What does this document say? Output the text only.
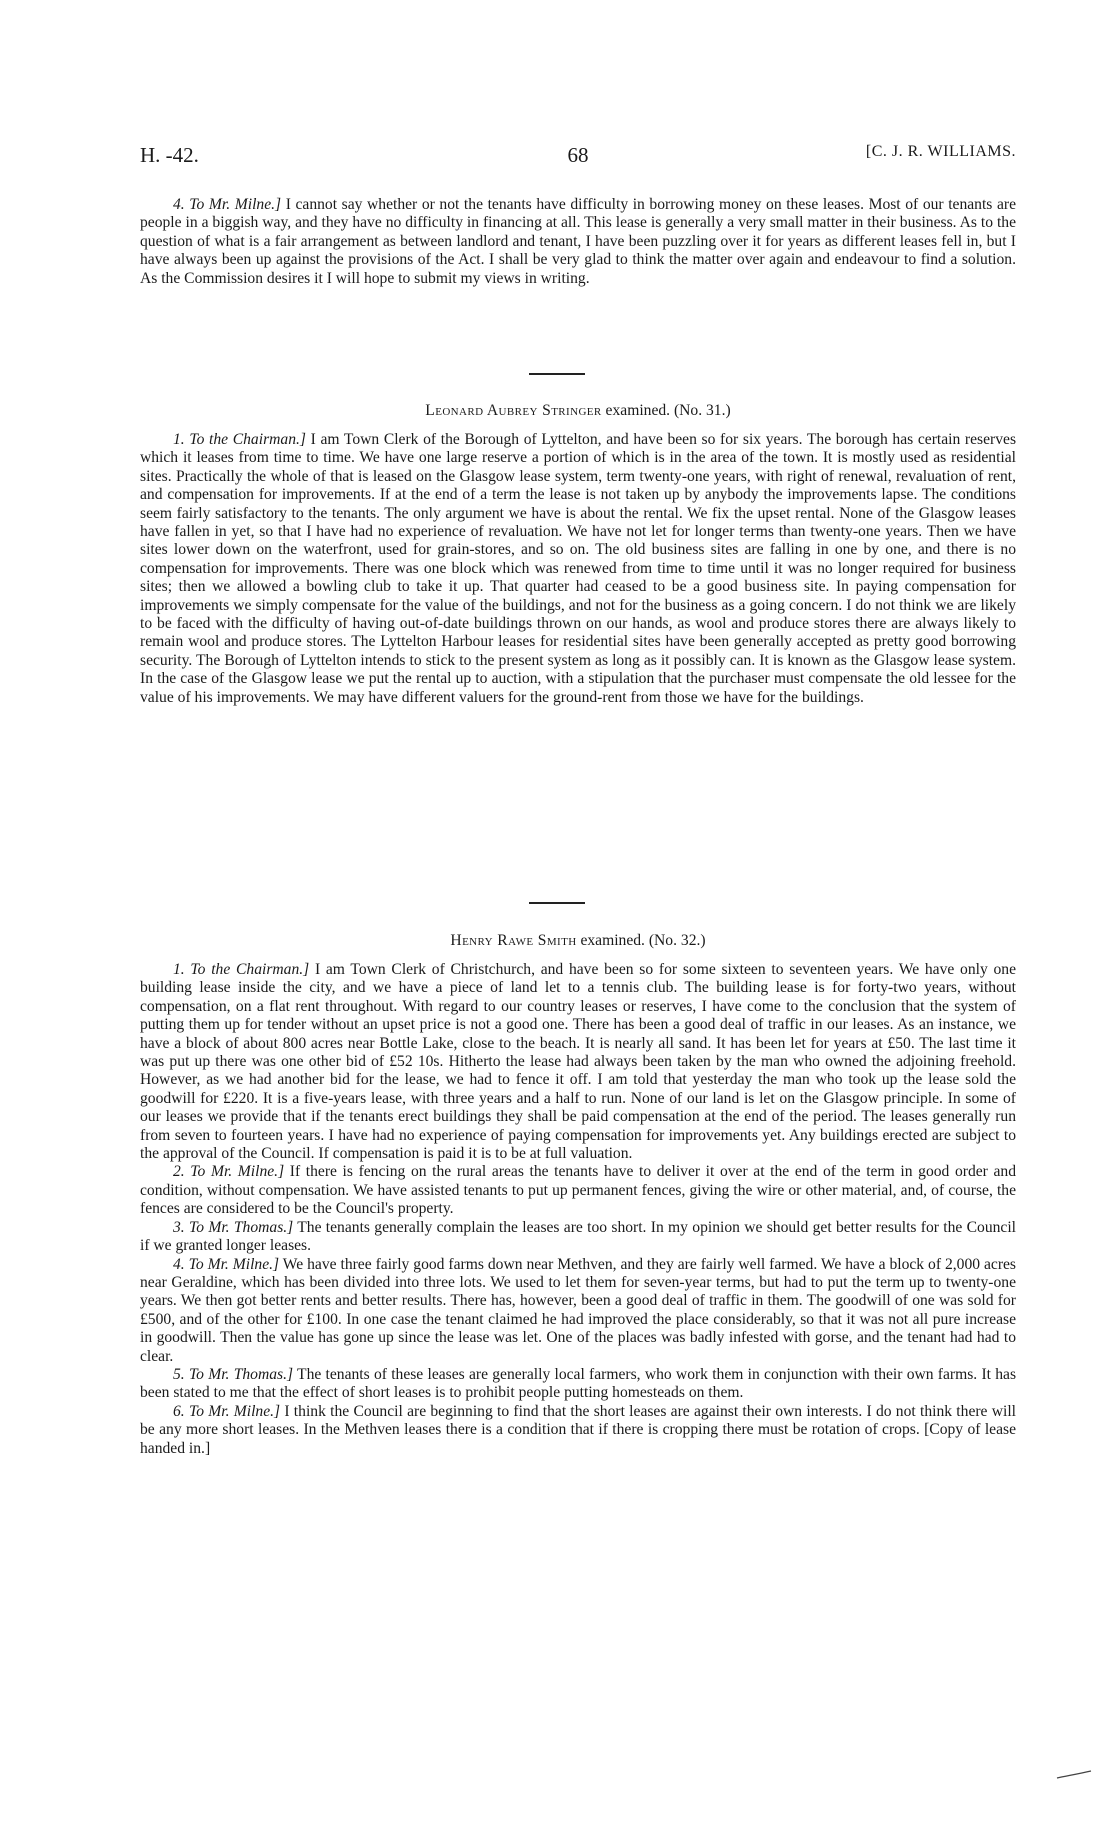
H. -42.	68	[C. J. R. WILLIAMS.

4. To Mr. Milne.] I cannot say whether or not the tenants have difficulty in borrowing money on these leases. Most of our tenants are people in a biggish way, and they have no difficulty in financing at all. This lease is generally a very small matter in their business. As to the question of what is a fair arrangement as between landlord and tenant, I have been puzzling over it for years as different leases fell in, but I have always been up against the provisions of the Act. I shall be very glad to think the matter over again and endeavour to find a solution. As the Commission desires it I will hope to submit my views in writing.

Leonard Aubrey Stringer examined. (No. 31.)

1. To the Chairman.] I am Town Clerk of the Borough of Lyttelton, and have been so for six years. The borough has certain reserves which it leases from time to time. We have one large reserve a portion of which is in the area of the town. It is mostly used as residential sites. Practically the whole of that is leased on the Glasgow lease system, term twenty-one years, with right of renewal, revaluation of rent, and compensation for improvements. If at the end of a term the lease is not taken up by anybody the improvements lapse. The conditions seem fairly satisfactory to the tenants. The only argument we have is about the rental. We fix the upset rental. None of the Glasgow leases have fallen in yet, so that I have had no experience of revaluation. We have not let for longer terms than twenty-one years. Then we have sites lower down on the waterfront, used for grain-stores, and so on. The old business sites are falling in one by one, and there is no compensation for improvements. There was one block which was renewed from time to time until it was no longer required for business sites; then we allowed a bowling club to take it up. That quarter had ceased to be a good business site. In paying compensation for improvements we simply compensate for the value of the buildings, and not for the business as a going concern. I do not think we are likely to be faced with the difficulty of having out-of-date buildings thrown on our hands, as wool and produce stores there are always likely to remain wool and produce stores. The Lyttelton Harbour leases for residential sites have been generally accepted as pretty good borrowing security. The Borough of Lyttelton intends to stick to the present system as long as it possibly can. It is known as the Glasgow lease system. In the case of the Glasgow lease we put the rental up to auction, with a stipulation that the purchaser must compensate the old lessee for the value of his improvements. We may have different valuers for the ground-rent from those we have for the buildings.

Henry Rawe Smith examined. (No. 32.)

1. To the Chairman.] I am Town Clerk of Christchurch, and have been so for some sixteen to seventeen years. We have only one building lease inside the city, and we have a piece of land let to a tennis club. The building lease is for forty-two years, without compensation, on a flat rent throughout. With regard to our country leases or reserves, I have come to the conclusion that the system of putting them up for tender without an upset price is not a good one. There has been a good deal of traffic in our leases. As an instance, we have a block of about 800 acres near Bottle Lake, close to the beach. It is nearly all sand. It has been let for years at £50. The last time it was put up there was one other bid of £52 10s. Hitherto the lease had always been taken by the man who owned the adjoining freehold. However, as we had another bid for the lease, we had to fence it off. I am told that yesterday the man who took up the lease sold the goodwill for £220. It is a five-years lease, with three years and a half to run. None of our land is let on the Glasgow principle. In some of our leases we provide that if the tenants erect buildings they shall be paid compensation at the end of the period. The leases generally run from seven to fourteen years. I have had no experience of paying compensation for improvements yet. Any buildings erected are subject to the approval of the Council. If compensation is paid it is to be at full valuation.

2. To Mr. Milne.] If there is fencing on the rural areas the tenants have to deliver it over at the end of the term in good order and condition, without compensation. We have assisted tenants to put up permanent fences, giving the wire or other material, and, of course, the fences are considered to be the Council's property.

3. To Mr. Thomas.] The tenants generally complain the leases are too short. In my opinion we should get better results for the Council if we granted longer leases.

4. To Mr. Milne.] We have three fairly good farms down near Methven, and they are fairly well farmed. We have a block of 2,000 acres near Geraldine, which has been divided into three lots. We used to let them for seven-year terms, but had to put the term up to twenty-one years. We then got better rents and better results. There has, however, been a good deal of traffic in them. The goodwill of one was sold for £500, and of the other for £100. In one case the tenant claimed he had improved the place considerably, so that it was not all pure increase in goodwill. Then the value has gone up since the lease was let. One of the places was badly infested with gorse, and the tenant had had to clear.

5. To Mr. Thomas.] The tenants of these leases are generally local farmers, who work them in conjunction with their own farms. It has been stated to me that the effect of short leases is to prohibit people putting homesteads on them.

6. To Mr. Milne.] I think the Council are beginning to find that the short leases are against their own interests. I do not think there will be any more short leases. In the Methven leases there is a condition that if there is cropping there must be rotation of crops. [Copy of lease handed in.]
